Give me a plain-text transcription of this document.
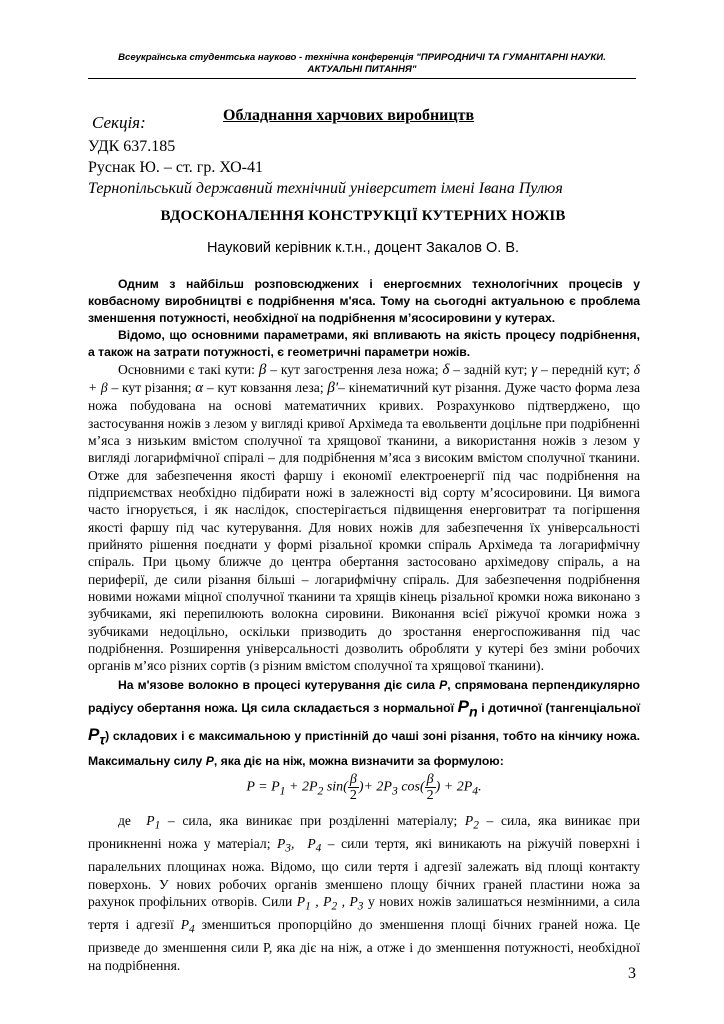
Всеукраїнська студентська науково - технічна конференція "ПРИРОДНИЧІ ТА ГУМАНІТАРНІ НАУКИ.
АКТУАЛЬНІ ПИТАННЯ"
Секція:	Обладнання харчових виробництв
УДК 637.185
Руснак Ю. – ст. гр. ХО-41
Тернопільський державний технічний університет імені Івана Пулюя
ВДОСКОНАЛЕННЯ КОНСТРУКЦІЇ КУТЕРНИХ НОЖІВ
Науковий керівник к.т.н., доцент Закалов О. В.

Одним з найбільш розповсюджених і енергоємних технологічних процесів у ковбасному виробництві є подрібнення м'яса. Тому на сьогодні актуальною є проблема зменшення потужності, необхідної на подрібнення м’ясосировини у кутерах.

Відомо, що основними параметрами, які впливають на якість процесу подрібнення, а також на затрати потужності, є геометричні параметри ножів.

Основними є такі кути: β – кут загострення леза ножа; δ – задній кут; γ – передній кут; δ + β – кут різання; α – кут ковзання леза; β′– кінематичний кут різання. Дуже часто форма леза ножа побудована на основі математичних кривих. Розрахунково підтверджено, що застосування ножів з лезом у вигляді кривої Архімеда та евольвенти доцільне при подрібненні м’яса з низьким вмістом сполучної та хрящової тканини, а використання ножів з лезом у вигляді логарифмічної спіралі – для подрібнення м’яса з високим вмістом сполучної тканини. Отже для забезпечення якості фаршу і економії електроенергії під час подрібнення на підприємствах необхідно підбирати ножі в залежності від сорту м’ясосировини. Ця вимога часто ігнорується, і як наслідок, спостерігається підвищення енерговитрат та погіршення якості фаршу під час кутерування. Для нових ножів для забезпечення їх універсальності прийнято рішення поєднати у формі різальної кромки спіраль Архімеда та логарифмічну спіраль. При цьому ближче до центра обертання застосовано архімедову спіраль, а на периферії, де сили різання більші – логарифмічну спіраль. Для забезпечення подрібнення новими ножами міцної сполучної тканини та хрящів кінець різальної кромки ножа виконано з зубчиками, які перепилюють волокна сировини. Виконання всієї ріжучої кромки ножа з зубчиками недоцільно, оскільки призводить до зростання енергоспоживання під час подрібнення. Розширення універсальності дозволить обробляти у кутері без зміни робочих органів м’ясо різних сортів (з різним вмістом сполучної та хрящової тканини).

На м'язове волокно в процесі кутерування діє сила P, спрямована перпендикулярно радіусу обертання ножа. Ця сила складається з нормальної $P_n$ і дотичної (тангенціальної $P_\tau$) складових і є максимальною у пристінній до чаші зоні різання, тобто на кінчику ножа. Максимальну силу P, яка діє на ніж, можна визначити за формулою:

$P = P_1 + 2P_2$ $\sin( \frac{\beta}{2}$ )+ $2P_3$ $\cos( \frac{\beta}{2}$ ) + $2P_4$.

де $P_1$ – сила, яка виникає при розділенні матеріалу; $P_2$ – сила, яка виникає при проникненні ножа у матеріал; $P_3$, $P_4$ – сили тертя, які виникають на ріжучій поверхні і паралельних площинах ножа. Відомо, що сили тертя і адгезії залежать від площі контакту поверхонь. У нових робочих органів зменшено площу бічних граней пластини ножа за рахунок профільних отворів. Сили $P_1$ , $P_2$ , $P_3$ у нових ножів залишаться незмінними, а сила тертя і адгезії $P_4$ зменшиться пропорційно до зменшення площі бічних граней ножа. Це призведе до зменшення сили Р, яка діє на ніж, а отже і до зменшення потужності, необхідної на подрібнення.	3
